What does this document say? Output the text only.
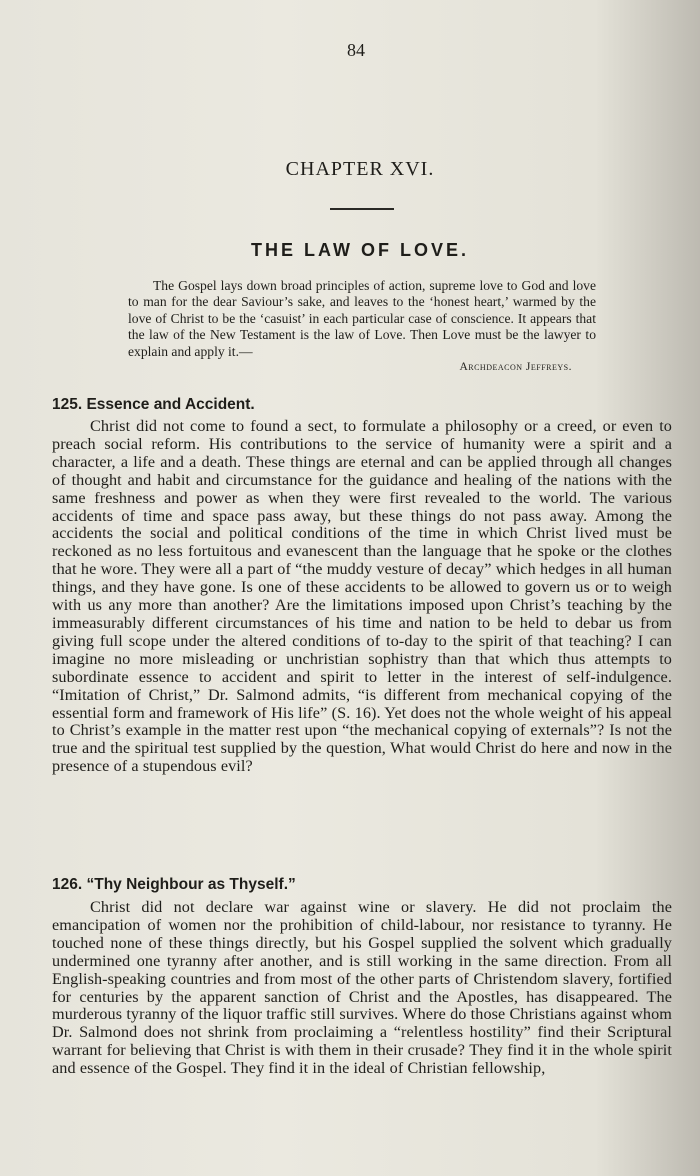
84
CHAPTER XVI.
THE LAW OF LOVE.
The Gospel lays down broad principles of action, supreme love to God and love to man for the dear Saviour’s sake, and leaves to the ‘honest heart,’ warmed by the love of Christ to be the ‘casuist’ in each particular case of conscience. It appears that the law of the New Testament is the law of Love. Then Love must be the lawyer to explain and apply it.—
Archdeacon Jeffreys.
125. Essence and Accident.
Christ did not come to found a sect, to formulate a philosophy or a creed, or even to preach social reform. His contributions to the service of humanity were a spirit and a character, a life and a death. These things are eternal and can be applied through all changes of thought and habit and circumstance for the guidance and healing of the nations with the same freshness and power as when they were first revealed to the world. The various accidents of time and space pass away, but these things do not pass away. Among the accidents the social and political conditions of the time in which Christ lived must be reckoned as no less fortuitous and evanescent than the language that he spoke or the clothes that he wore. They were all a part of “the muddy vesture of decay” which hedges in all human things, and they have gone. Is one of these accidents to be allowed to govern us or to weigh with us any more than another? Are the limitations imposed upon Christ’s teaching by the immeasurably different circumstances of his time and nation to be held to debar us from giving full scope under the altered conditions of to-day to the spirit of that teaching? I can imagine no more misleading or unchristian sophistry than that which thus attempts to subordinate essence to accident and spirit to letter in the interest of self-indulgence. “Imitation of Christ,” Dr. Salmond admits, “is different from mechanical copying of the essential form and framework of His life” (S. 16). Yet does not the whole weight of his appeal to Christ’s example in the matter rest upon “the mechanical copying of externals”? Is not the true and the spiritual test supplied by the question, What would Christ do here and now in the presence of a stupendous evil?
126. “Thy Neighbour as Thyself.”
Christ did not declare war against wine or slavery. He did not proclaim the emancipation of women nor the prohibition of child-labour, nor resistance to tyranny. He touched none of these things directly, but his Gospel supplied the solvent which gradually undermined one tyranny after another, and is still working in the same direction. From all English-speaking countries and from most of the other parts of Christendom slavery, fortified for centuries by the apparent sanction of Christ and the Apostles, has disappeared. The murderous tyranny of the liquor traffic still survives. Where do those Christians against whom Dr. Salmond does not shrink from proclaiming a “relentless hostility” find their Scriptural warrant for believing that Christ is with them in their crusade? They find it in the whole spirit and essence of the Gospel. They find it in the ideal of Christian fellowship,
